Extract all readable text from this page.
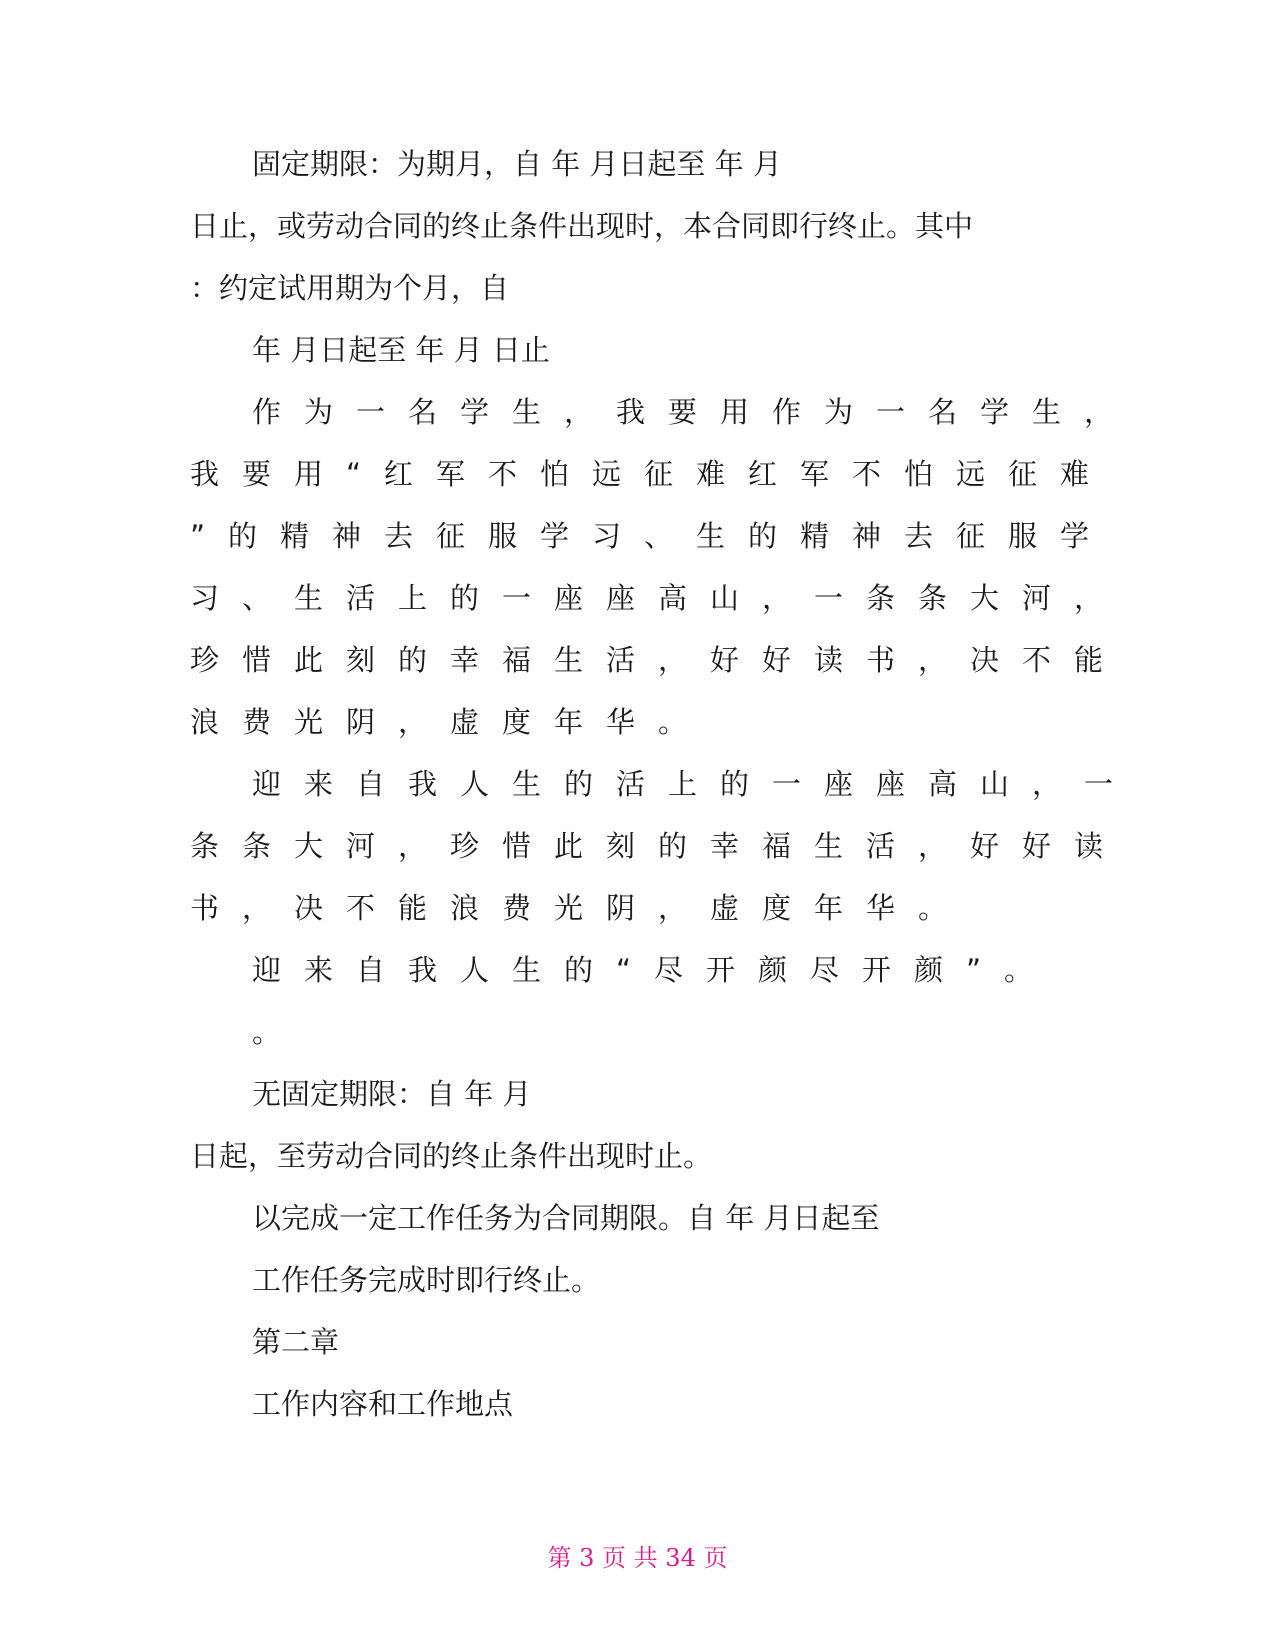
固定期限：为期月，自 年 月日起至 年 月
日止，或劳动合同的终止条件出现时，本合同即行终止。其中
：约定试用期为个月，自
年 月日起至 年 月 日止
作为一名学生，我要用作为一名学生，
我要用“红军不怕远征难红军不怕远征难
”的精神去征服学习、生的精神去征服学
习、生活上的一座座高山，一条条大河，
珍惜此刻的幸福生活，好好读书，决不能
浪费光阴，虚度年华。
迎来自我人生的活上的一座座高山，一
条条大河，珍惜此刻的幸福生活，好好读
书，决不能浪费光阴，虚度年华。
迎来自我人生的“尽开颜尽开颜”。
。
无固定期限：自 年 月
日起，至劳动合同的终止条件出现时止。
以完成一定工作任务为合同期限。自 年 月日起至
工作任务完成时即行终止。
第二章
工作内容和工作地点
第 3 页 共 34 页
